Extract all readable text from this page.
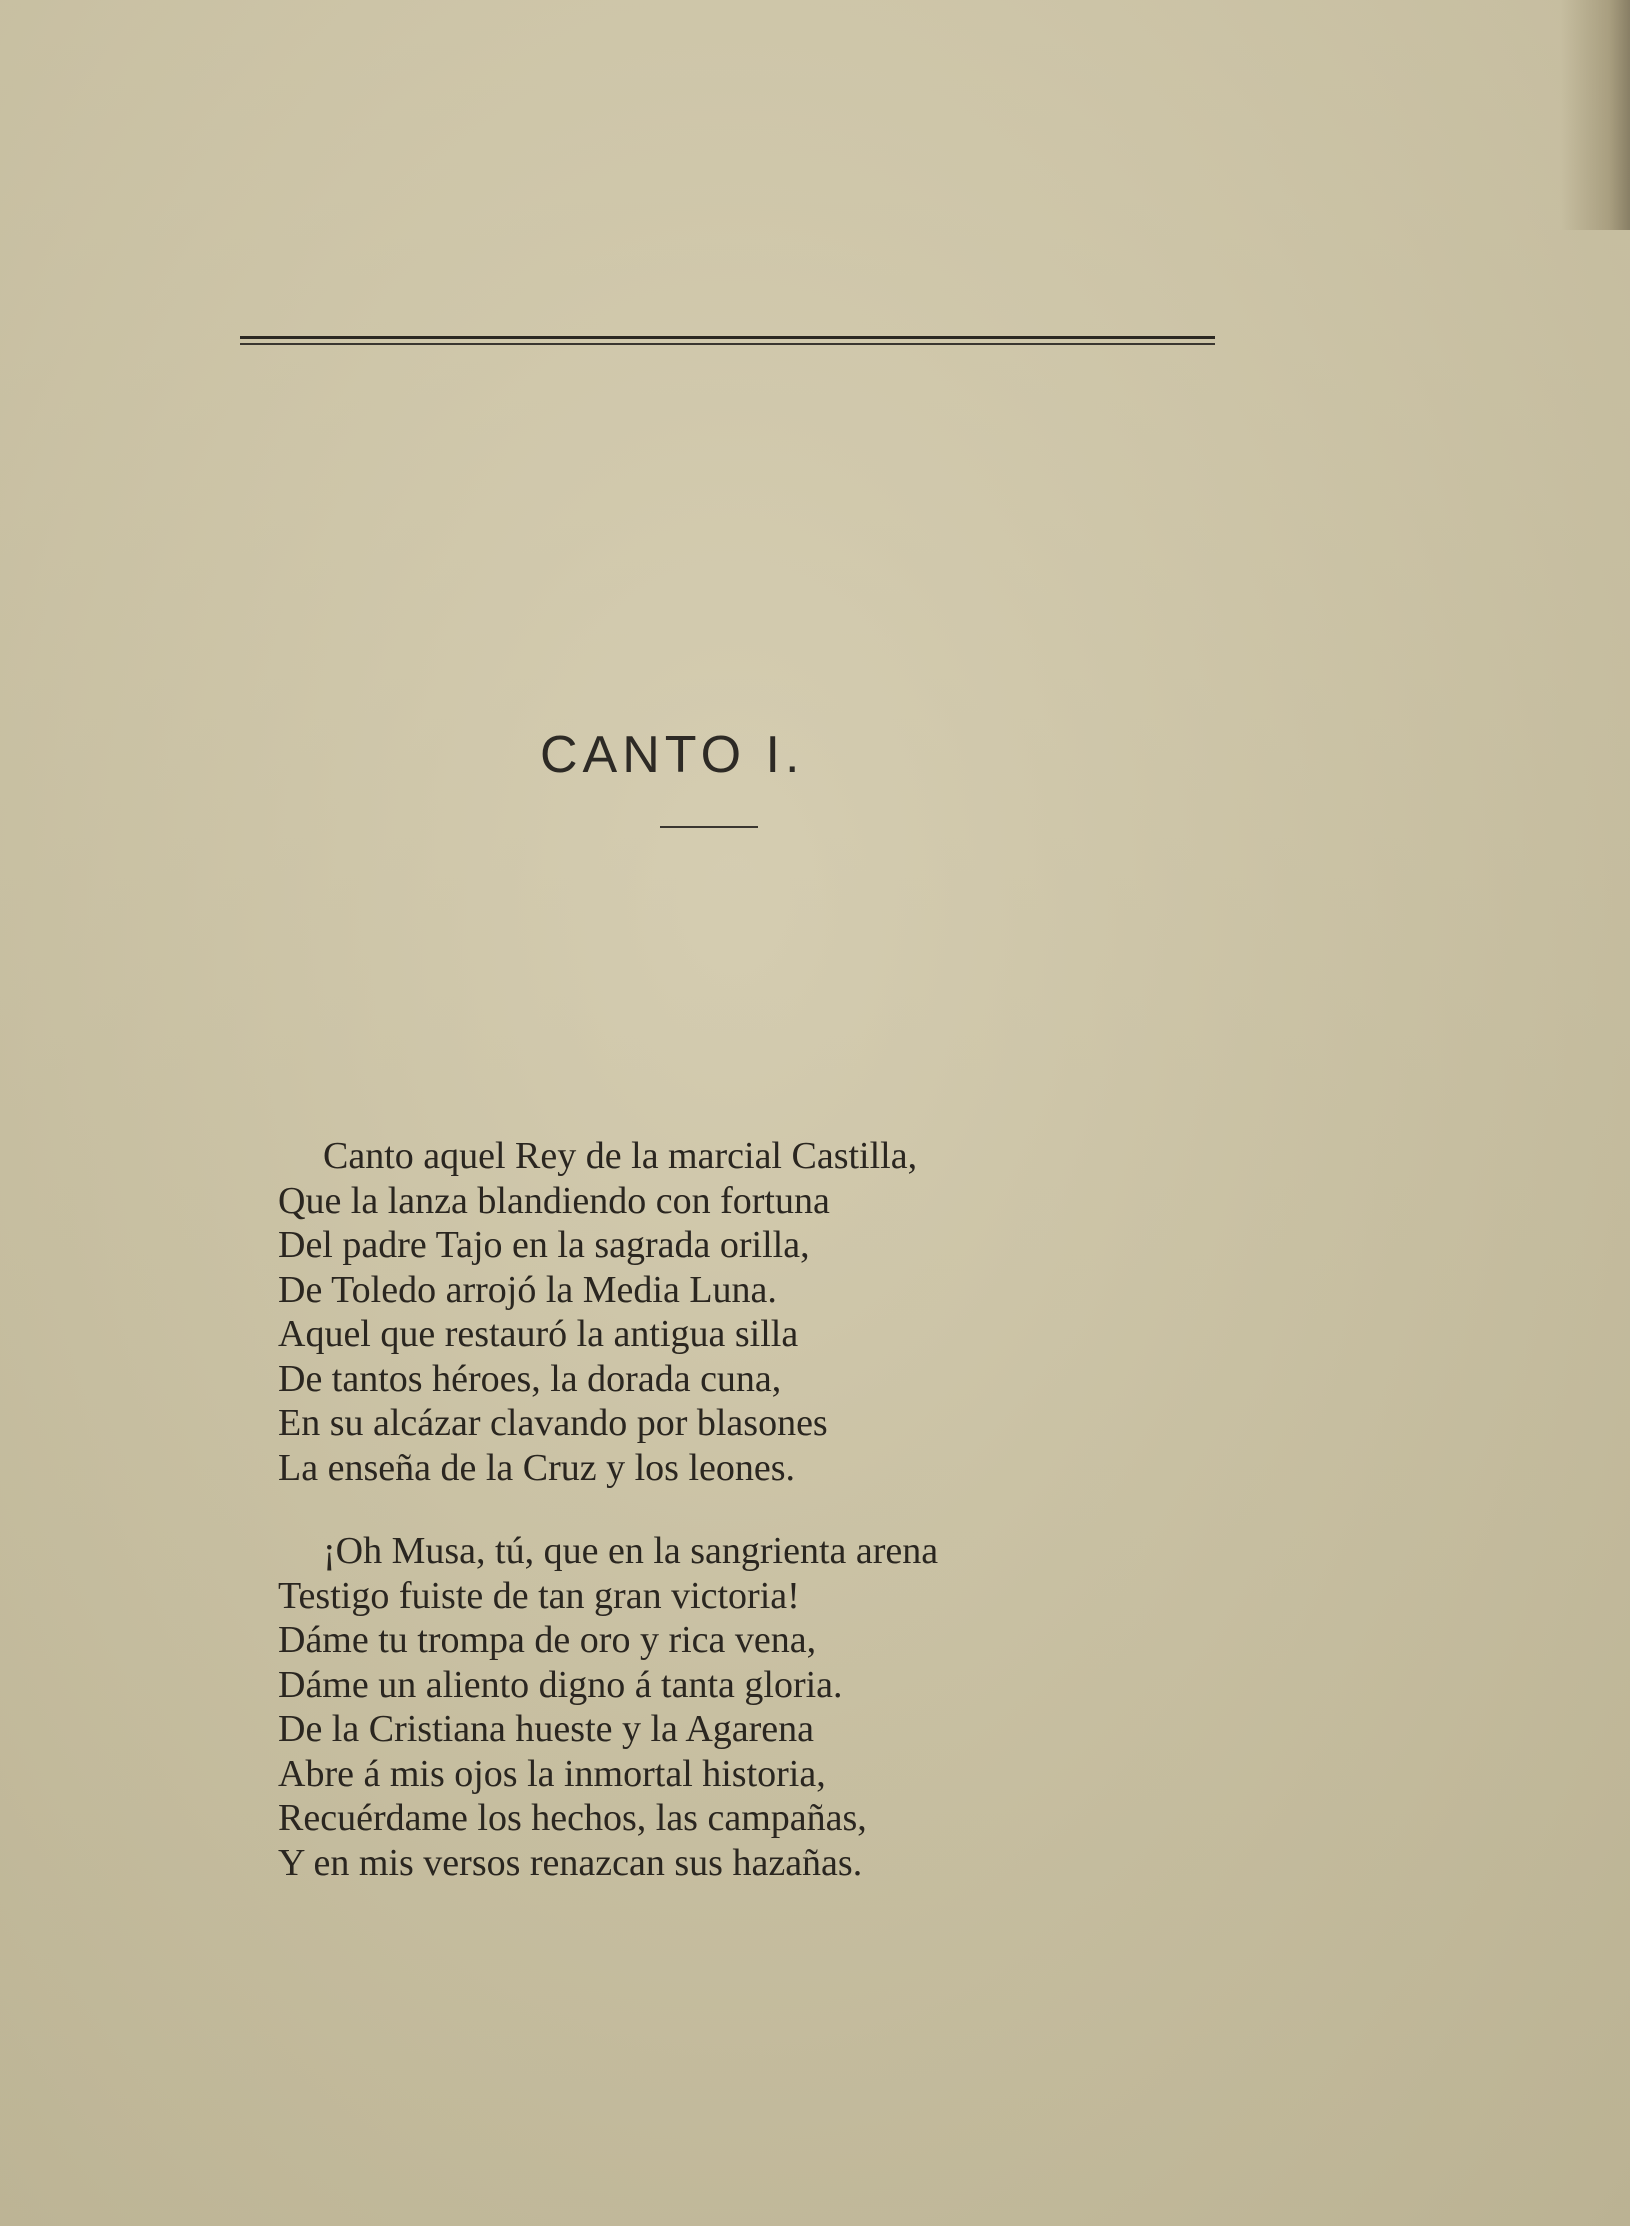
CANTO I.
Canto aquel Rey de la marcial Castilla,
Que la lanza blandiendo con fortuna
Del padre Tajo en la sagrada orilla,
De Toledo arrojó la Media Luna.
Aquel que restauró la antigua silla
De tantos héroes, la dorada cuna,
En su alcázar clavando por blasones
La enseña de la Cruz y los leones.
¡Oh Musa, tú, que en la sangrienta arena
Testigo fuiste de tan gran victoria!
Dáme tu trompa de oro y rica vena,
Dáme un aliento digno á tanta gloria.
De la Cristiana hueste y la Agarena
Abre á mis ojos la inmortal historia,
Recuérdame los hechos, las campañas,
Y en mis versos renazcan sus hazañas.
